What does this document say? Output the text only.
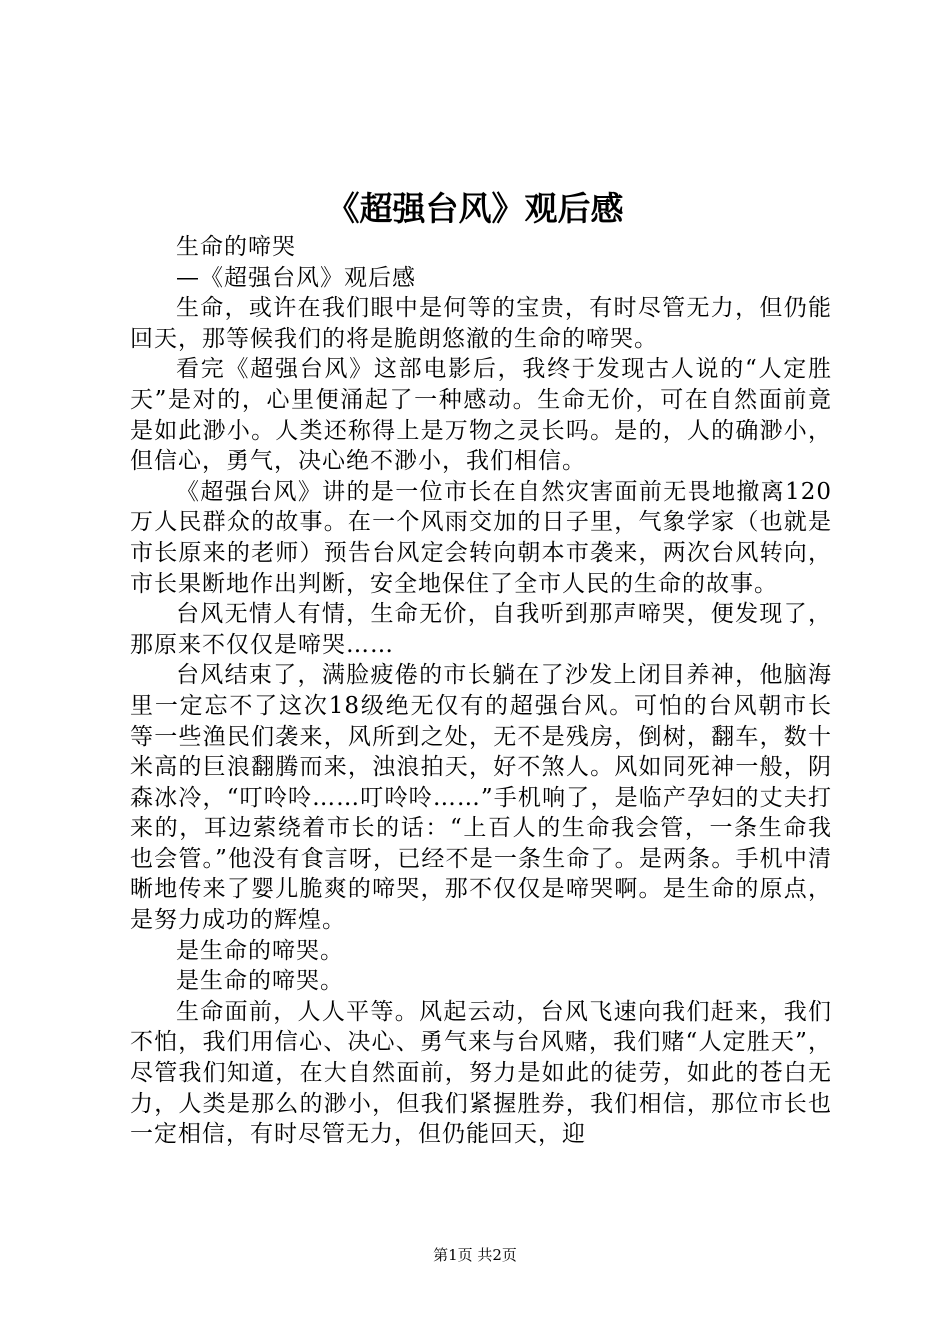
《超强台风》观后感

生命的啼哭

—《超强台风》观后感

生命，或许在我们眼中是何等的宝贵，有时尽管无力，但仍能回天，那等候我们的将是脆朗悠澈的生命的啼哭。

看完《超强台风》这部电影后，我终于发现古人说的“人定胜天”是对的，心里便涌起了一种感动。生命无价，可在自然面前竟是如此渺小。人类还称得上是万物之灵长吗。是的，人的确渺小，但信心，勇气，决心绝不渺小，我们相信。

《超强台风》讲的是一位市长在自然灾害面前无畏地撤离120万人民群众的故事。在一个风雨交加的日子里，气象学家（也就是市长原来的老师）预告台风定会转向朝本市袭来，两次台风转向，市长果断地作出判断，安全地保住了全市人民的生命的故事。

台风无情人有情，生命无价，自我听到那声啼哭，便发现了，那原来不仅仅是啼哭……

台风结束了，满脸疲倦的市长躺在了沙发上闭目养神，他脑海里一定忘不了这次18级绝无仅有的超强台风。可怕的台风朝市长等一些渔民们袭来，风所到之处，无不是残房，倒树，翻车，数十米高的巨浪翻腾而来，浊浪拍天，好不煞人。风如同死神一般，阴森冰冷，“叮呤呤……叮呤呤……”手机响了，是临产孕妇的丈夫打来的，耳边萦绕着市长的话：“上百人的生命我会管，一条生命我也会管。”他没有食言呀，已经不是一条生命了。是两条。手机中清晰地传来了婴儿脆爽的啼哭，那不仅仅是啼哭啊。是生命的原点，是努力成功的辉煌。

是生命的啼哭。

是生命的啼哭。

生命面前，人人平等。风起云动，台风飞速向我们赶来，我们不怕，我们用信心、决心、勇气来与台风赌，我们赌“人定胜天”，尽管我们知道，在大自然面前，努力是如此的徒劳，如此的苍白无力，人类是那么的渺小，但我们紧握胜券，我们相信，那位市长也一定相信，有时尽管无力，但仍能回天，迎

第1页 共2页
